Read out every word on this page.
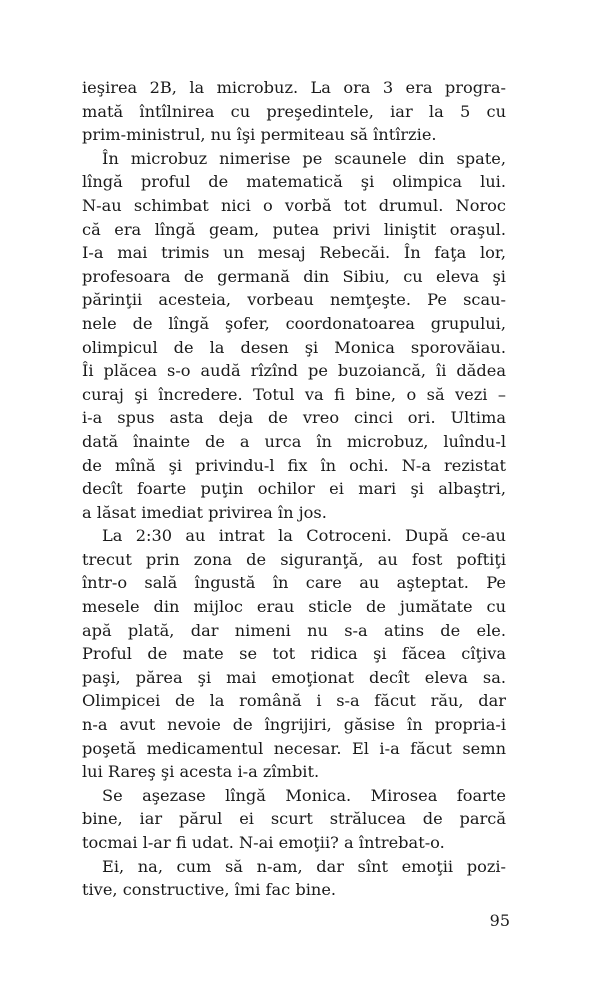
ieşirea 2B, la microbuz. La ora 3 era progra-
mată întîlnirea cu preşedintele, iar la 5 cu
prim-ministrul, nu îşi permiteau să întîrzie.
În microbuz nimerise pe scaunele din spate,
lîngă proful de matematică şi olimpica lui.
N-au schimbat nici o vorbă tot drumul. Noroc
că era lîngă geam, putea privi liniştit oraşul.
I-a mai trimis un mesaj Rebecăi. În faţa lor,
profesoara de germană din Sibiu, cu eleva şi
părinţii acesteia, vorbeau nemţeşte. Pe scau-
nele de lîngă şofer, coordonatoarea grupului,
olimpicul de la desen şi Monica sporovăiau.
Îi plăcea s-o audă rîzînd pe buzoiancă, îi dădea
curaj şi încredere. Totul va fi bine, o să vezi –
i-a spus asta deja de vreo cinci ori. Ultima
dată înainte de a urca în microbuz, luîndu-l
de mînă şi privindu-l fix în ochi. N-a rezistat
decît foarte puţin ochilor ei mari şi albaştri,
a lăsat imediat privirea în jos.
La 2:30 au intrat la Cotroceni. După ce-au
trecut prin zona de siguranţă, au fost poftiţi
într-o sală îngustă în care au aşteptat. Pe
mesele din mijloc erau sticle de jumătate cu
apă plată, dar nimeni nu s-a atins de ele.
Proful de mate se tot ridica şi făcea cîţiva
paşi, părea şi mai emoţionat decît eleva sa.
Olimpicei de la română i s-a făcut rău, dar
n-a avut nevoie de îngrijiri, găsise în propria-i
poşetă medicamentul necesar. El i-a făcut semn
lui Rareş şi acesta i-a zîmbit.
Se aşezase lîngă Monica. Mirosea foarte
bine, iar părul ei scurt strălucea de parcă
tocmai l-ar fi udat. N-ai emoţii? a întrebat-o.
Ei, na, cum să n-am, dar sînt emoţii pozi-
tive, constructive, îmi fac bine.
95
